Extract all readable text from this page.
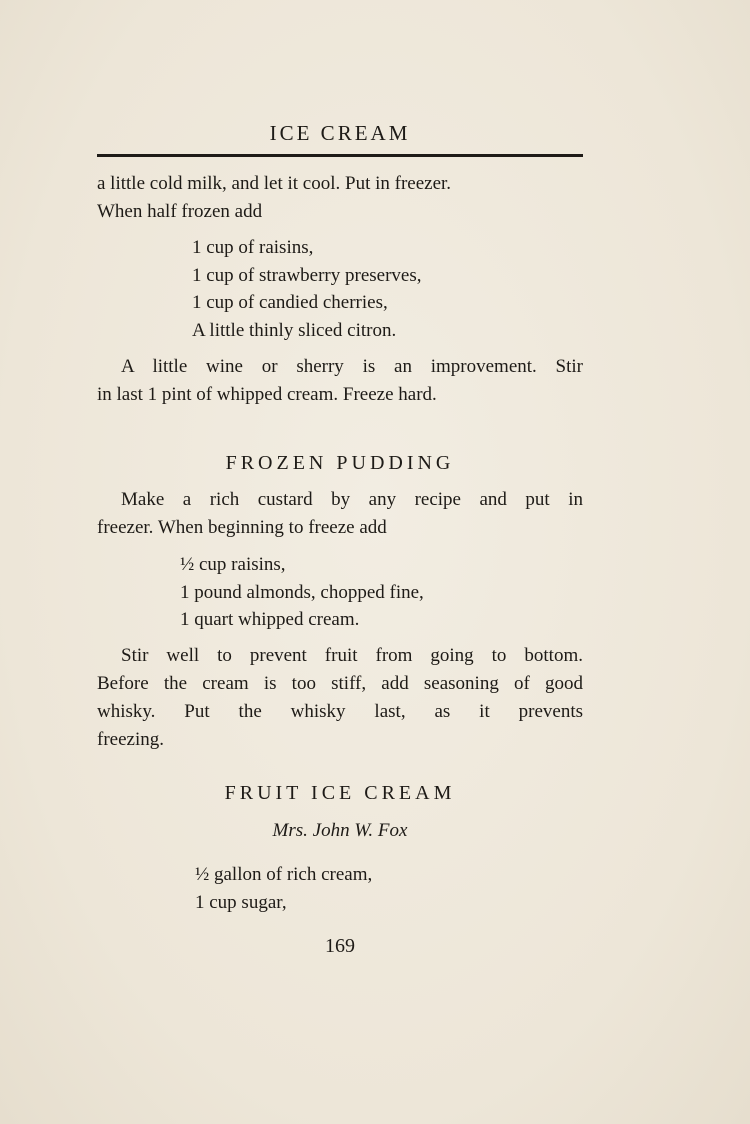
ICE CREAM
a little cold milk, and let it cool. Put in freezer.
When half frozen add
1 cup of raisins,
1 cup of strawberry preserves,
1 cup of candied cherries,
A little thinly sliced citron.
A little wine or sherry is an improvement. Stir
in last 1 pint of whipped cream. Freeze hard.
FROZEN PUDDING
Make a rich custard by any recipe and put in
freezer. When beginning to freeze add
½ cup raisins,
1 pound almonds, chopped fine,
1 quart whipped cream.
Stir well to prevent fruit from going to bottom.
Before the cream is too stiff, add seasoning of good
whisky. Put the whisky last, as it prevents
freezing.
FRUIT ICE CREAM
Mrs. John W. Fox
½ gallon of rich cream,
1 cup sugar,
169
